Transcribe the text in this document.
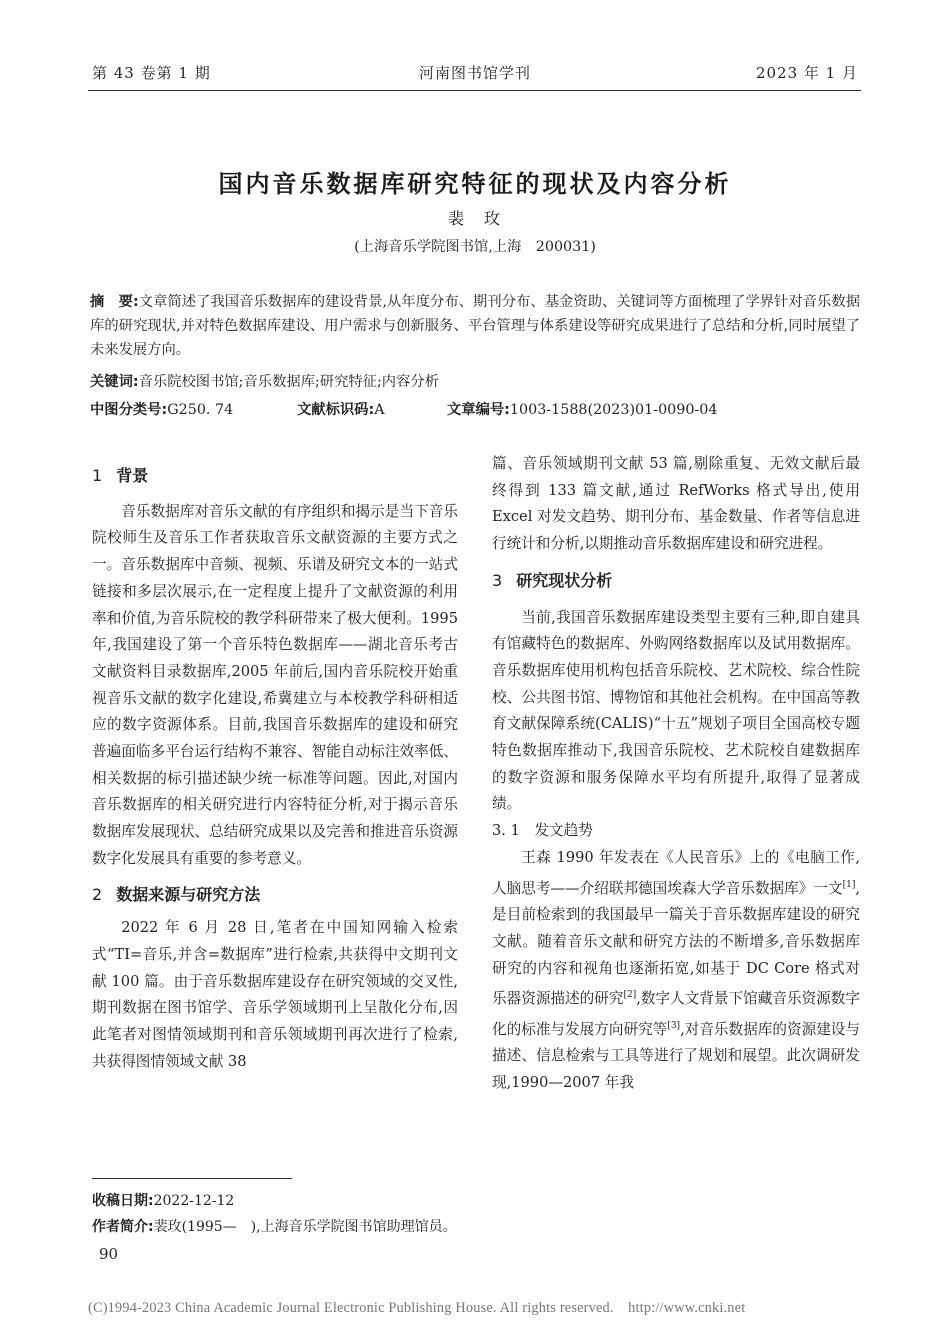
第 43 卷第 1 期	河南图书馆学刊	2023 年 1 月
国内音乐数据库研究特征的现状及内容分析
裴　玫
(上海音乐学院图书馆,上海　200031)
摘　要:文章简述了我国音乐数据库的建设背景,从年度分布、期刊分布、基金资助、关键词等方面梳理了学界针对音乐数据库的研究现状,并对特色数据库建设、用户需求与创新服务、平台管理与体系建设等研究成果进行了总结和分析,同时展望了未来发展方向。
关键词:音乐院校图书馆;音乐数据库;研究特征;内容分析
中图分类号:G250. 74	文献标识码:A	文章编号:1003-1588(2023)01-0090-04
1 背景

音乐数据库对音乐文献的有序组织和揭示是当下音乐院校师生及音乐工作者获取音乐文献资源的主要方式之一。音乐数据库中音频、视频、乐谱及研究文本的一站式链接和多层次展示,在一定程度上提升了文献资源的利用率和价值,为音乐院校的教学科研带来了极大便利。1995 年,我国建设了第一个音乐特色数据库——湖北音乐考古文献资料目录数据库,2005 年前后,国内音乐院校开始重视音乐文献的数字化建设,希冀建立与本校教学科研相适应的数字资源体系。目前,我国音乐数据库的建设和研究普遍面临多平台运行结构不兼容、智能自动标注效率低、相关数据的标引描述缺少统一标准等问题。因此,对国内音乐数据库的相关研究进行内容特征分析,对于揭示音乐数据库发展现状、总结研究成果以及完善和推进音乐资源数字化发展具有重要的参考意义。

2 数据来源与研究方法

2022 年 6 月 28 日,笔者在中国知网输入检索式“TI=音乐,并含=数据库”进行检索,共获得中文期刊文献 100 篇。由于音乐数据库建设存在研究领域的交叉性,期刊数据在图书馆学、音乐学领域期刊上呈散化分布,因此笔者对图情领域期刊和音乐领域期刊再次进行了检索,共获得图情领域文献 38

篇、音乐领域期刊文献 53 篇,剔除重复、无效文献后最终得到 133 篇文献,通过 RefWorks 格式导出,使用 Excel 对发文趋势、期刊分布、基金数量、作者等信息进行统计和分析,以期推动音乐数据库建设和研究进程。

3 研究现状分析

当前,我国音乐数据库建设类型主要有三种,即自建具有馆藏特色的数据库、外购网络数据库以及试用数据库。音乐数据库使用机构包括音乐院校、艺术院校、综合性院校、公共图书馆、博物馆和其他社会机构。在中国高等教育文献保障系统(CALIS)“十五”规划子项目全国高校专题特色数据库推动下,我国音乐院校、艺术院校自建数据库的数字资源和服务保障水平均有所提升,取得了显著成绩。

3. 1　发文趋势

王森 1990 年发表在《人民音乐》上的《电脑工作,人脑思考——介绍联邦德国埃森大学音乐数据库》一文[1],是目前检索到的我国最早一篇关于音乐数据库建设的研究文献。随着音乐文献和研究方法的不断增多,音乐数据库研究的内容和视角也逐渐拓宽,如基于 DC Core 格式对乐器资源描述的研究[2],数字人文背景下馆藏音乐资源数字化的标准与发展方向研究等[3],对音乐数据库的资源建设与描述、信息检索与工具等进行了规划和展望。此次调研发现,1990—2007 年我

收稿日期:2022-12-12
作者简介:裴玫(1995—　),上海音乐学院图书馆助理馆员。
90
(C)1994-2023 China Academic Journal Electronic Publishing House. All rights reserved.　http://www.cnki.net
